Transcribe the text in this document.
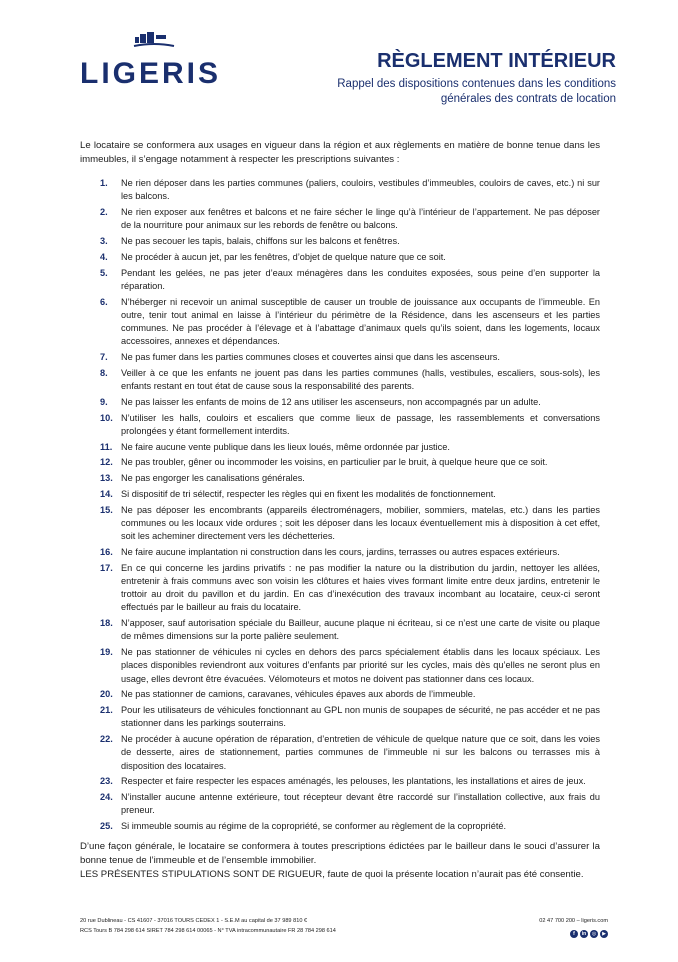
LIGERIS	RÈGLEMENT INTÉRIEUR
Rappel des dispositions contenues dans les conditions générales des contrats de location
Le locataire se conformera aux usages en vigueur dans la région et aux règlements en matière de bonne tenue dans les immeubles, il s’engage notamment à respecter les prescriptions suivantes :
1. Ne rien déposer dans les parties communes (paliers, couloirs, vestibules d’immeubles, couloirs de caves, etc.) ni sur les balcons.
2. Ne rien exposer aux fenêtres et balcons et ne faire sécher le linge qu’à l’intérieur de l’appartement. Ne pas déposer de la nourriture pour animaux sur les rebords de fenêtre ou balcons.
3. Ne pas secouer les tapis, balais, chiffons sur les balcons et fenêtres.
4. Ne procéder à aucun jet, par les fenêtres, d’objet de quelque nature que ce soit.
5. Pendant les gelées, ne pas jeter d’eaux ménagères dans les conduites exposées, sous peine d’en supporter la réparation.
6. N’héberger ni recevoir un animal susceptible de causer un trouble de jouissance aux occupants de l’immeuble. En outre, tenir tout animal en laisse à l’intérieur du périmètre de la Résidence, dans les ascenseurs et les parties communes. Ne pas procéder à l’élevage et à l’abattage d’animaux quels qu’ils soient, dans les logements, locaux accessoires, annexes et dépendances.
7. Ne pas fumer dans les parties communes closes et couvertes ainsi que dans les ascenseurs.
8. Veiller à ce que les enfants ne jouent pas dans les parties communes (halls, vestibules, escaliers, sous-sols), les enfants restant en tout état de cause sous la responsabilité des parents.
9. Ne pas laisser les enfants de moins de 12 ans utiliser les ascenseurs, non accompagnés par un adulte.
10. N’utiliser les halls, couloirs et escaliers que comme lieux de passage, les rassemblements et conversations prolongées y étant formellement interdits.
11. Ne faire aucune vente publique dans les lieux loués, même ordonnée par justice.
12. Ne pas troubler, gêner ou incommoder les voisins, en particulier par le bruit, à quelque heure que ce soit.
13. Ne pas engorger les canalisations générales.
14. Si dispositif de tri sélectif, respecter les règles qui en fixent les modalités de fonctionnement.
15. Ne pas déposer les encombrants (appareils électroménagers, mobilier, sommiers, matelas, etc.) dans les parties communes ou les locaux vide ordures ; soit les déposer dans les locaux éventuellement mis à disposition à cet effet, soit les acheminer directement vers les déchetteries.
16. Ne faire aucune implantation ni construction dans les cours, jardins, terrasses ou autres espaces extérieurs.
17. En ce qui concerne les jardins privatifs : ne pas modifier la nature ou la distribution du jardin, nettoyer les allées, entretenir à frais communs avec son voisin les clôtures et haies vives formant limite entre deux jardins, entretenir le trottoir au droit du pavillon et du jardin. En cas d’inexécution des travaux incombant au locataire, ceux-ci seront effectués par le bailleur au frais du locataire.
18. N’apposer, sauf autorisation spéciale du Bailleur, aucune plaque ni écriteau, si ce n’est une carte de visite ou plaque de mêmes dimensions sur la porte palière seulement.
19. Ne pas stationner de véhicules ni cycles en dehors des parcs spécialement établis dans les locaux spéciaux. Les places disponibles reviendront aux voitures d’enfants par priorité sur les cycles, mais dès qu’elles ne seront plus en usage, elles devront être évacuées. Vélomoteurs et motos ne doivent pas stationner dans ces locaux.
20. Ne pas stationner de camions, caravanes, véhicules épaves aux abords de l’immeuble.
21. Pour les utilisateurs de véhicules fonctionnant au GPL non munis de soupapes de sécurité, ne pas accéder et ne pas stationner dans les parkings souterrains.
22. Ne procéder à aucune opération de réparation, d’entretien de véhicule de quelque nature que ce soit, dans les voies de desserte, aires de stationnement, parties communes de l’immeuble ni sur les balcons ou terrasses mis à disposition des locataires.
23. Respecter et faire respecter les espaces aménagés, les pelouses, les plantations, les installations et aires de jeux.
24. N’installer aucune antenne extérieure, tout récepteur devant être raccordé sur l’installation collective, aux frais du preneur.
25. Si immeuble soumis au régime de la copropriété, se conformer au règlement de la copropriété.
D’une façon générale, le locataire se conformera à toutes prescriptions édictées par le bailleur dans le souci d’assurer la bonne tenue de l’immeuble et de l’ensemble immobilier.
LES PRÉSENTES STIPULATIONS SONT DE RIGUEUR, faute de quoi la présente location n’aurait pas été consentie.
20 rue Dublineau - CS 41607 - 37016 TOURS CEDEX 1 - S.E.M au capital de 37 989 810 €
RCS Tours B 784 298 614 SIRET 784 298 614 00065 - N° TVA intracommunautaire FR 28 784 298 614
02 47 700 200 – ligeris.com
f	in	◎	▶
